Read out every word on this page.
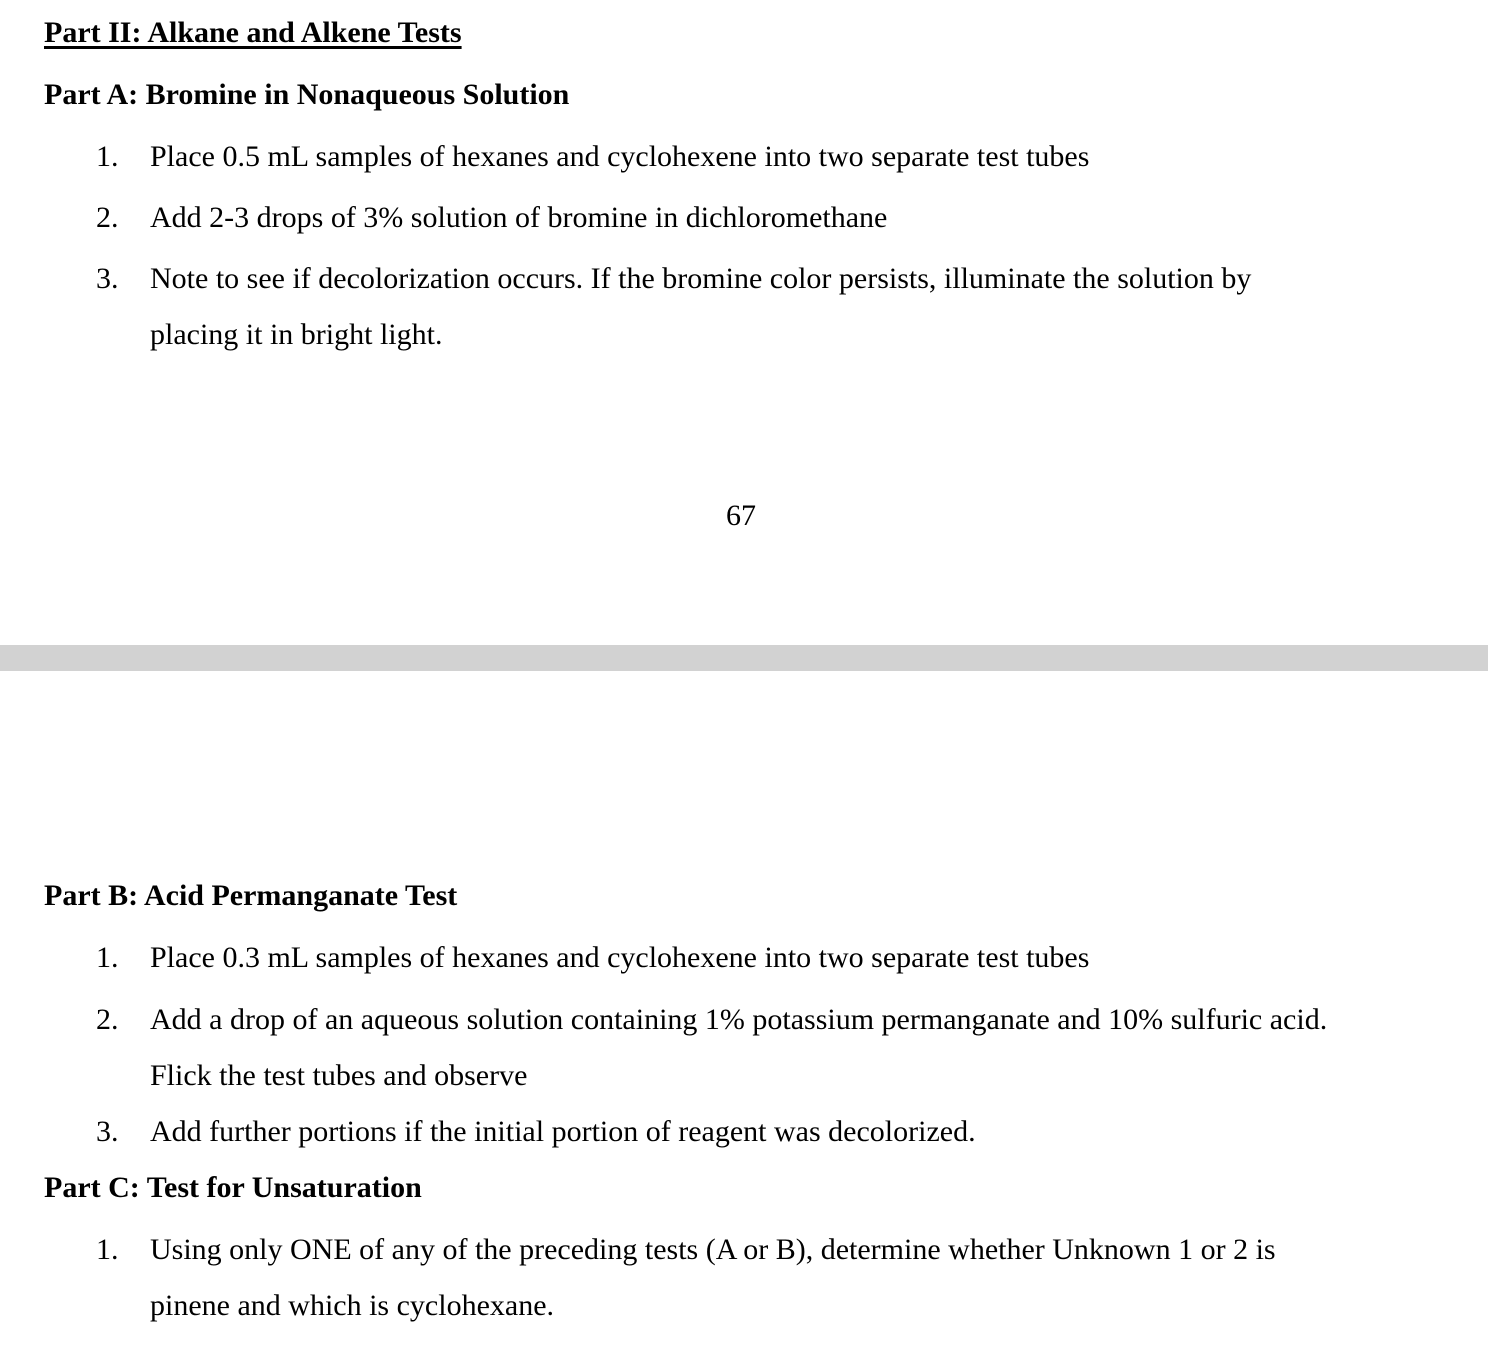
Part II: Alkane and Alkene Tests
Part A: Bromine in Nonaqueous Solution
1. Place 0.5 mL samples of hexanes and cyclohexene into two separate test tubes
2. Add 2-3 drops of 3% solution of bromine in dichloromethane
3. Note to see if decolorization occurs. If the bromine color persists, illuminate the solution by
placing it in bright light.
67
Part B: Acid Permanganate Test
1. Place 0.3 mL samples of hexanes and cyclohexene into two separate test tubes
2. Add a drop of an aqueous solution containing 1% potassium permanganate and 10% sulfuric acid.
Flick the test tubes and observe
3. Add further portions if the initial portion of reagent was decolorized.
Part C: Test for Unsaturation
1. Using only ONE of any of the preceding tests (A or B), determine whether Unknown 1 or 2 is
pinene and which is cyclohexane.
